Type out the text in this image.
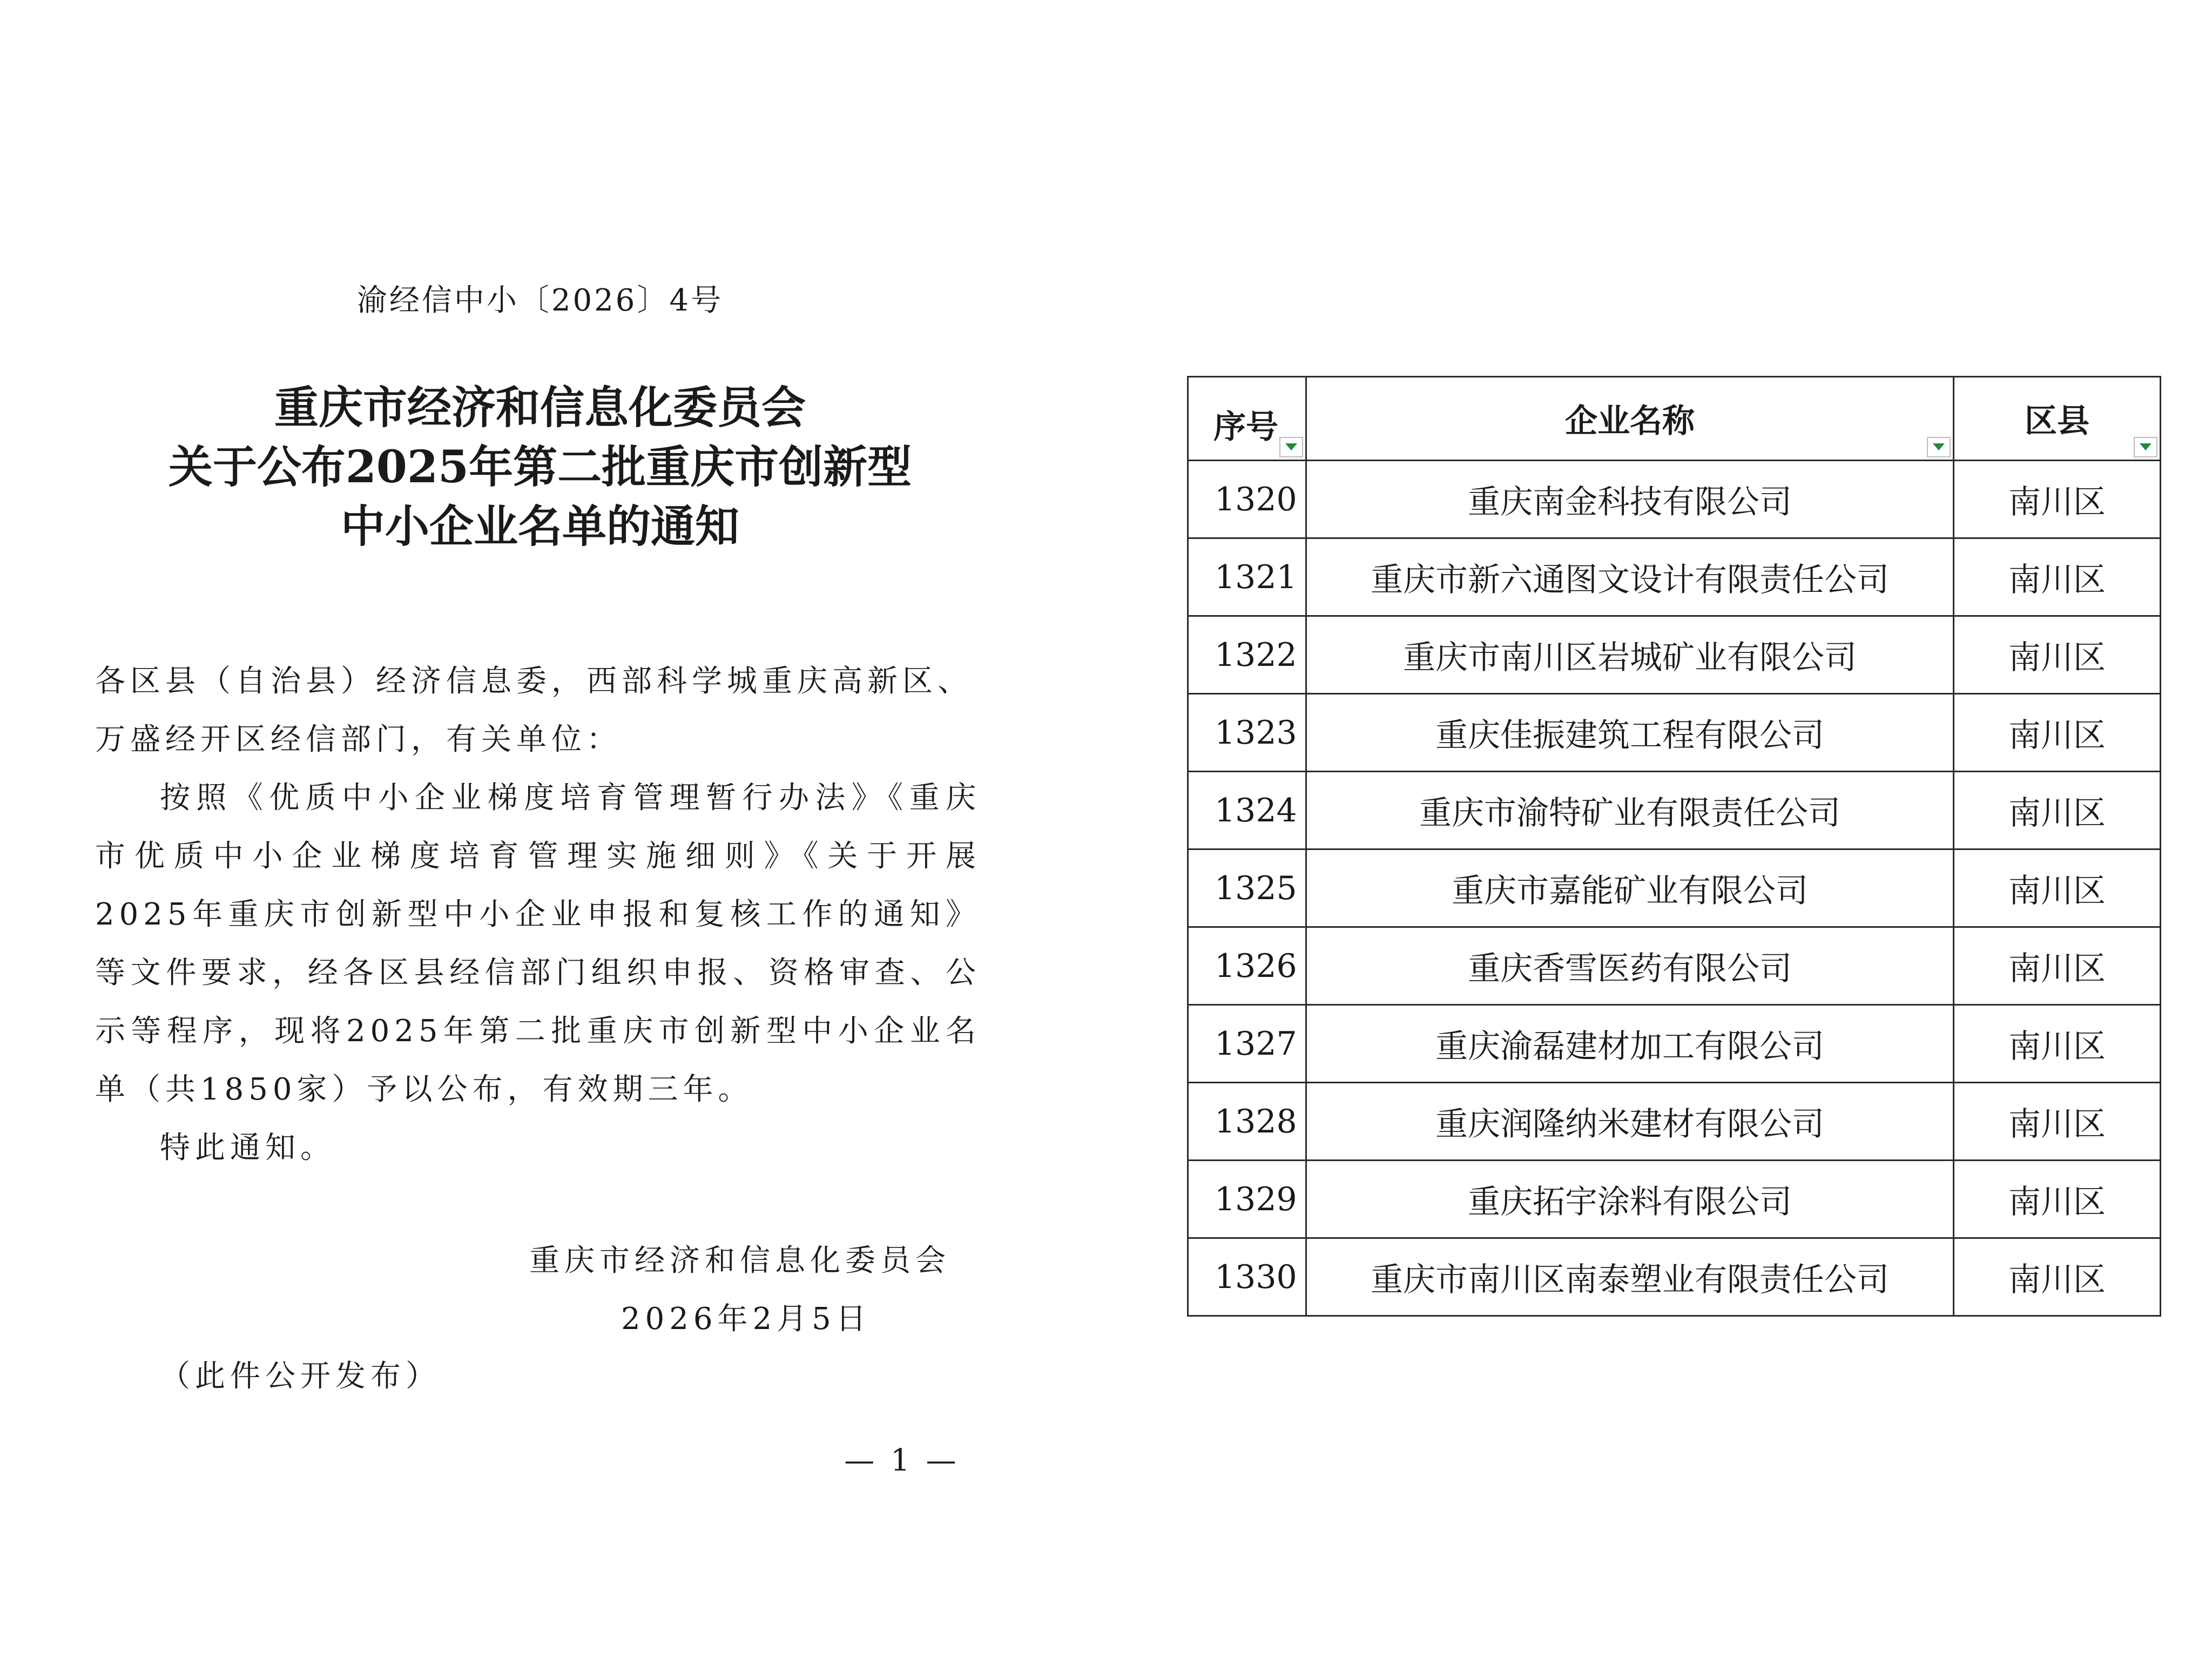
渝经信中小〔2026〕4号
重庆市经济和信息化委员会
关于公布2025年第二批重庆市创新型
中小企业名单的通知
各区县（自治县）经济信息委，西部科学城重庆高新区、万盛经开区经信部门，有关单位：
按照《优质中小企业梯度培育管理暂行办法》《重庆市优质中小企业梯度培育管理实施细则》《关于开展2025年重庆市创新型中小企业申报和复核工作的通知》等文件要求，经各区县经信部门组织申报、资格审查、公示等程序，现将2025年第二批重庆市创新型中小企业名单（共1850家）予以公布，有效期三年。
特此通知。
重庆市经济和信息化委员会
2026年2月5日
（此件公开发布）
— 1 —
序号	企业名称	区县

1320	重庆南金科技有限公司	南川区
1321	重庆市新六通图文设计有限责任公司	南川区
1322	重庆市南川区岩城矿业有限公司	南川区
1323	重庆佳振建筑工程有限公司	南川区
1324	重庆市渝特矿业有限责任公司	南川区
1325	重庆市嘉能矿业有限公司	南川区
1326	重庆香雪医药有限公司	南川区
1327	重庆渝磊建材加工有限公司	南川区
1328	重庆润隆纳米建材有限公司	南川区
1329	重庆拓宇涂料有限公司	南川区
1330	重庆市南川区南泰塑业有限责任公司	南川区
